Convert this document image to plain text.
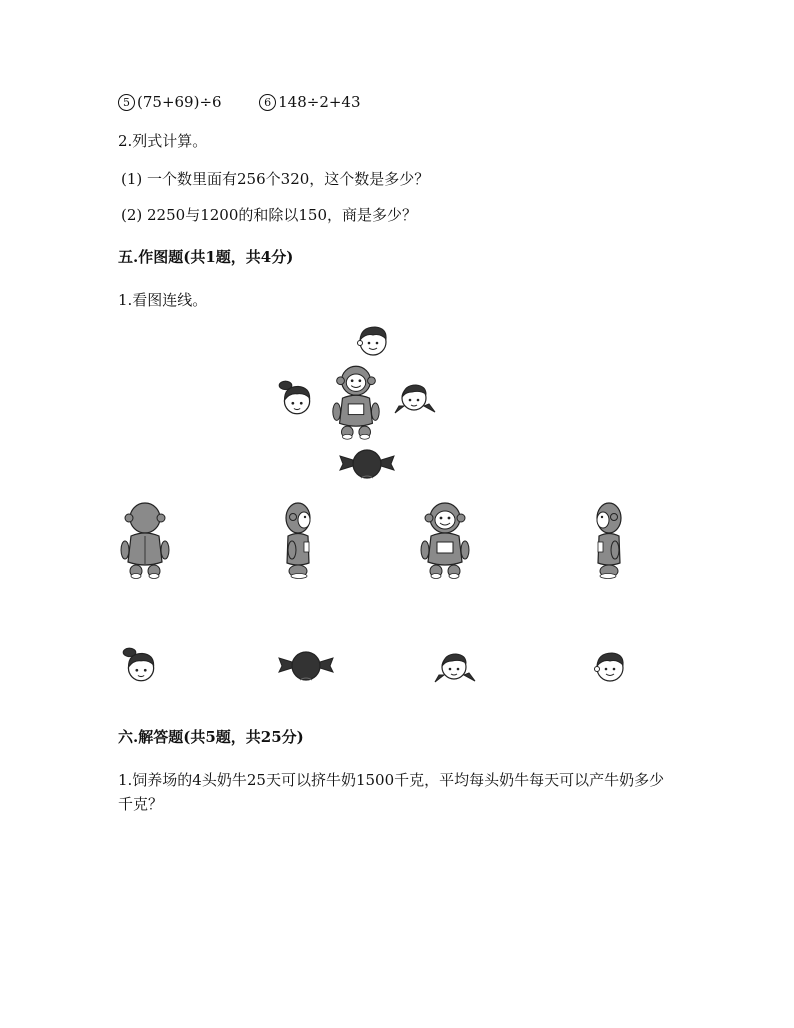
5 (75+69)÷6	6 148÷2+43
2.列式计算。
(1) 一个数里面有256个320，这个数是多少？
(2) 2250与1200的和除以150，商是多少？
五.作图题(共1题，共4分)
1.看图连线。
六.解答题(共5题，共25分)
1.饲养场的4头奶牛25天可以挤牛奶1500千克，平均每头奶牛每天可以产牛奶多少
千克？
